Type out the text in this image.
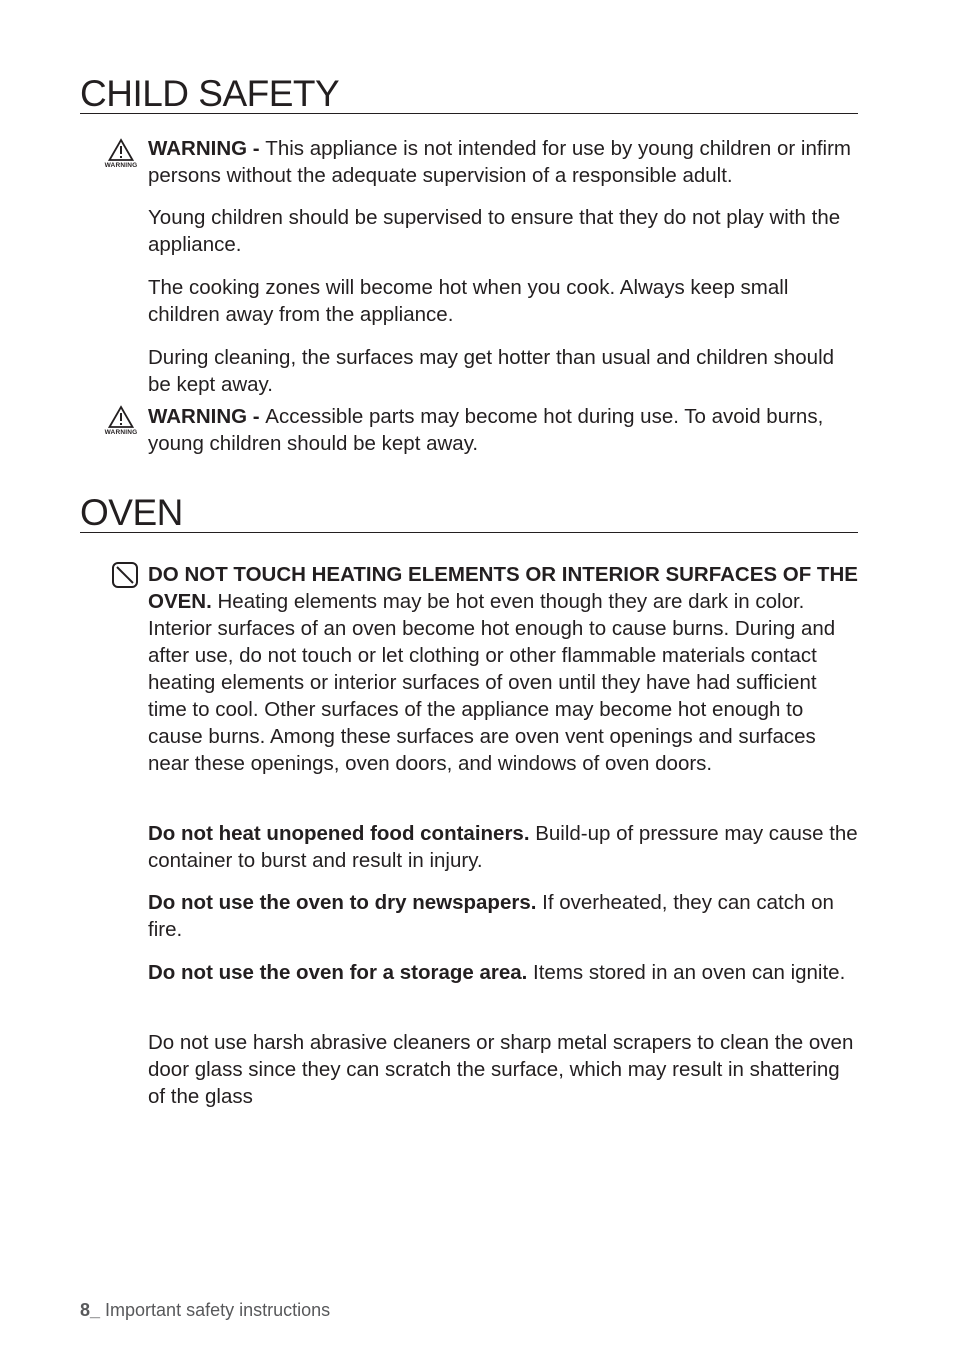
CHILD SAFETY
WARNING

WARNING - This appliance is not intended for use by young children or infirm persons without the adequate supervision of a responsible adult.

Young children should be supervised to ensure that they do not play with the appliance.

The cooking zones will become hot when you cook. Always keep small children away from the appliance.

During cleaning, the surfaces may get hotter than usual and children should be kept away.

WARNING

WARNING - Accessible parts may become hot during use. To avoid burns, young children should be kept away.

OVEN

DO NOT TOUCH HEATING ELEMENTS OR INTERIOR SURFACES OF THE OVEN. Heating elements may be hot even though they are dark in color. Interior surfaces of an oven become hot enough to cause burns. During and after use, do not touch or let clothing or other flammable materials contact heating elements or interior surfaces of oven until they have had sufficient time to cool. Other surfaces of the appliance may become hot enough to cause burns. Among these surfaces are oven vent openings and surfaces near these openings, oven doors, and windows of oven doors.

Do not heat unopened food containers. Build-up of pressure may cause the container to burst and result in injury.

Do not use the oven to dry newspapers. If overheated, they can catch on fire.

Do not use the oven for a storage area. Items stored in an oven can ignite.

Do not use harsh abrasive cleaners or sharp metal scrapers to clean the oven door glass since they can scratch the surface, which may result in shattering of the glass

8_ Important safety instructions
